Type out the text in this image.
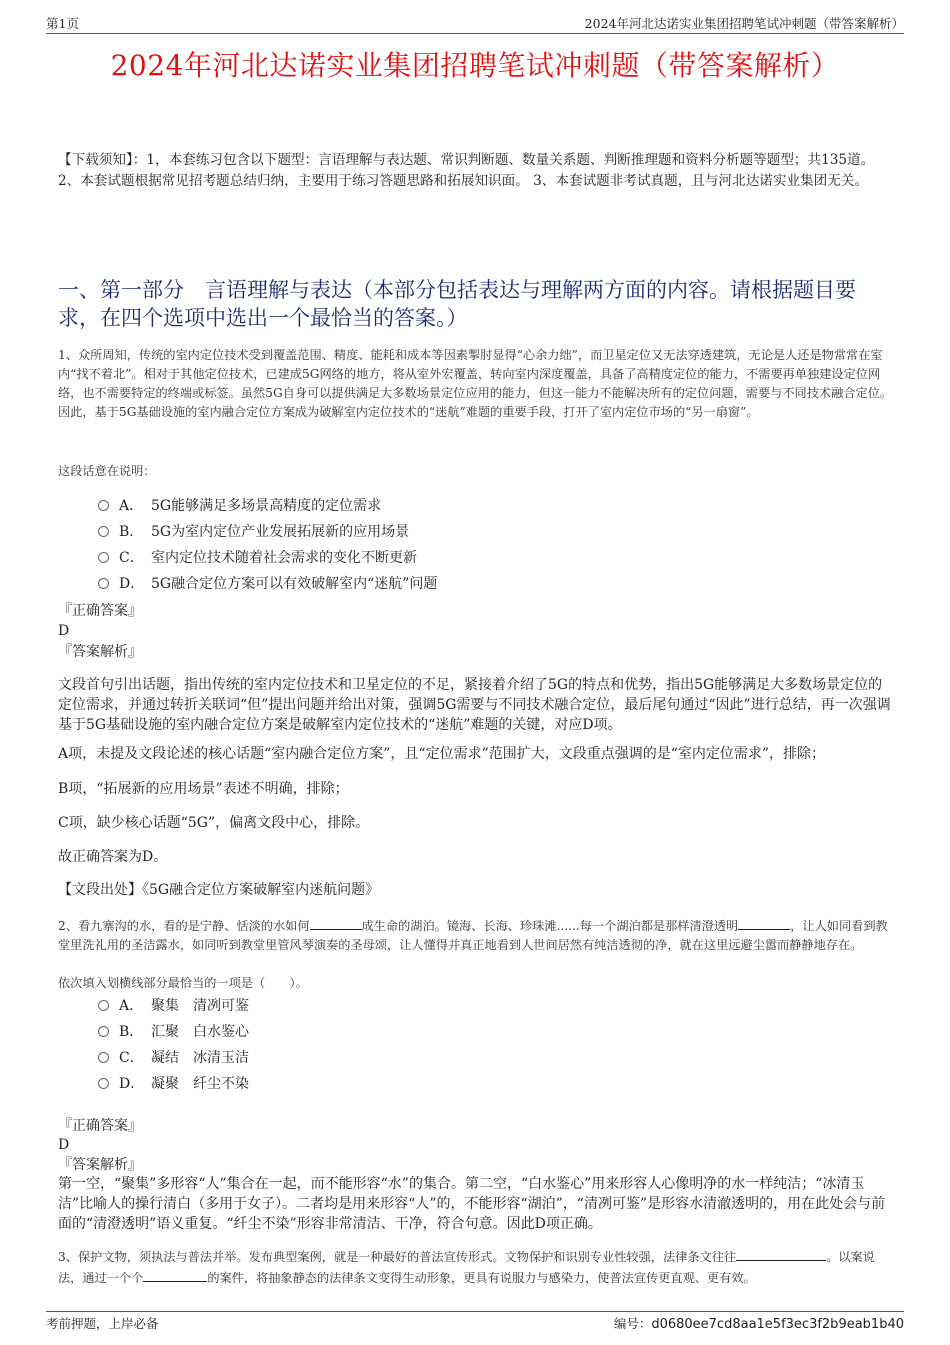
第1页	2024年河北达诺实业集团招聘笔试冲刺题（带答案解析）
2024年河北达诺实业集团招聘笔试冲刺题（带答案解析）
【下载须知】：1，本套练习包含以下题型：言语理解与表达题、常识判断题、数量关系题、判断推理题和资料分析题等题型；共135道。 2、本套试题根据常见招考题总结归纳，主要用于练习答题思路和拓展知识面。 3、本套试题非考试真题，且与河北达诺实业集团无关。
一、第一部分　言语理解与表达（本部分包括表达与理解两方面的内容。请根据题目要求，在四个选项中选出一个最恰当的答案。）
1、众所周知，传统的室内定位技术受到覆盖范围、精度、能耗和成本等因素掣肘显得“心余力绌”，而卫星定位又无法穿透建筑，无论是人还是物常常在室内“找不着北”。相对于其他定位技术，已建成5G网络的地方，将从室外宏覆盖，转向室内深度覆盖，具备了高精度定位的能力，不需要再单独建设定位网络，也不需要特定的终端或标签。虽然5G自身可以提供满足大多数场景定位应用的能力，但这一能力不能解决所有的定位问题，需要与不同技术融合定位。因此，基于5G基础设施的室内融合定位方案成为破解室内定位技术的“迷航”难题的重要手段，打开了室内定位市场的“另一扇窗”。
这段话意在说明：
A． 5G能够满足多场景高精度的定位需求
B． 5G为室内定位产业发展拓展新的应用场景
C． 室内定位技术随着社会需求的变化不断更新
D． 5G融合定位方案可以有效破解室内“迷航”问题
『正确答案』
D
『答案解析』
文段首句引出话题，指出传统的室内定位技术和卫星定位的不足，紧接着介绍了5G的特点和优势，指出5G能够满足大多数场景定位的定位需求，并通过转折关联词“但”提出问题并给出对策，强调5G需要与不同技术融合定位，最后尾句通过“因此”进行总结，再一次强调基于5G基础设施的室内融合定位方案是破解室内定位技术的“迷航”难题的关键，对应D项。
A项，未提及文段论述的核心话题“室内融合定位方案”，且“定位需求”范围扩大，文段重点强调的是“室内定位需求”，排除；
B项，“拓展新的应用场景”表述不明确，排除；
C项，缺少核心话题“5G”，偏离文段中心，排除。
故正确答案为D。
【文段出处】《5G融合定位方案破解室内迷航问题》
2、看九寨沟的水，看的是宁静、恬淡的水如何	成生命的湖泊。镜海、长海、珍珠滩......每一个湖泊都是那样清澄透明	，让人如同看到教堂里洗礼用的圣洁露水，如同听到教堂里管风琴演奏的圣母颂，让人懂得并真正地看到人世间居然有纯洁透彻的净，就在这里远避尘嚣而静静地存在。
依次填入划横线部分最恰当的一项是（　　）。
A． 聚集　清冽可鉴
B． 汇聚　白水鉴心
C． 凝结　冰清玉洁
D． 凝聚　纤尘不染
『正确答案』
D
『答案解析』
第一空，“聚集”多形容“人”集合在一起，而不能形容“水”的集合。第二空，“白水鉴心”用来形容人心像明净的水一样纯洁；“冰清玉洁”比喻人的操行清白（多用于女子）。二者均是用来形容“人”的，不能形容“湖泊”，“清冽可鉴”是形容水清澈透明的，用在此处会与前面的“清澄透明”语义重复。“纤尘不染”形容非常清洁、干净，符合句意。因此D项正确。
3、保护文物，须执法与普法并举。发布典型案例，就是一种最好的普法宣传形式。文物保护和识别专业性较强，法律条文往往	。以案说法，通过一个个	的案件，将抽象静态的法律条文变得生动形象，更具有说服力与感染力，使普法宣传更直观、更有效。
考前押题，上岸必备	编号：d0680ee7cd8aa1e5f3ec3f2b9eab1b40
